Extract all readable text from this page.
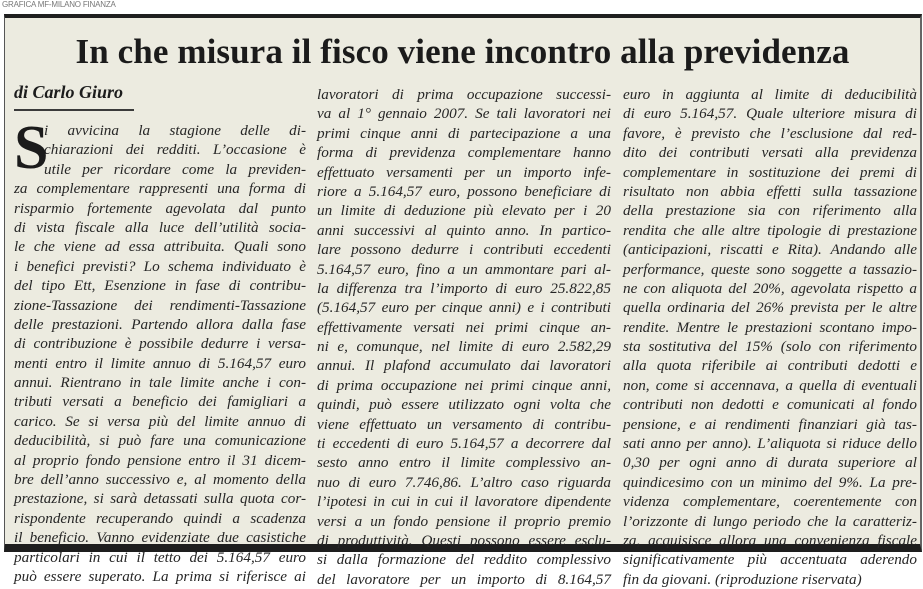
GRAFICA MF-MILANO FINANZA
In che misura il fisco viene incontro alla previdenza
di Carlo Giuro
S
i avvicina la stagione delle di-
chiarazioni dei redditi. L’occasione è
utile per ricordare come la previden-
za complementare rappresenti una forma di
risparmio fortemente agevolata dal punto
di vista fiscale alla luce dell’utilità socia-
le che viene ad essa attribuita. Quali sono
i benefici previsti? Lo schema individuato è
del tipo Ett, Esenzione in fase di contribu-
zione-Tassazione dei rendimenti-Tassazione
delle prestazioni. Partendo allora dalla fase
di contribuzione è possibile dedurre i versa-
menti entro il limite annuo di 5.164,57 euro
annui. Rientrano in tale limite anche i con-
tributi versati a beneficio dei famigliari a
carico. Se si versa più del limite annuo di
deducibilità, si può fare una comunicazione
al proprio fondo pensione entro il 31 dicem-
bre dell’anno successivo e, al momento della
prestazione, si sarà detassati sulla quota cor-
rispondente recuperando quindi a scadenza
il beneficio. Vanno evidenziate due casistiche
particolari in cui il tetto dei 5.164,57 euro
può essere superato. La prima si riferisce ai
lavoratori di prima occupazione successi-
va al 1° gennaio 2007. Se tali lavoratori nei
primi cinque anni di partecipazione a una
forma di previdenza complementare hanno
effettuato versamenti per un importo infe-
riore a 5.164,57 euro, possono beneficiare di
un limite di deduzione più elevato per i 20
anni successivi al quinto anno. In partico-
lare possono dedurre i contributi eccedenti
5.164,57 euro, fino a un ammontare pari al-
la differenza tra l’importo di euro 25.822,85
(5.164,57 euro per cinque anni) e i contributi
effettivamente versati nei primi cinque an-
ni e, comunque, nel limite di euro 2.582,29
annui. Il plafond accumulato dai lavoratori
di prima occupazione nei primi cinque anni,
quindi, può essere utilizzato ogni volta che
viene effettuato un versamento di contribu-
ti eccedenti di euro 5.164,57 a decorrere dal
sesto anno entro il limite complessivo an-
nuo di euro 7.746,86. L’altro caso riguarda
l’ipotesi in cui in cui il lavoratore dipendente
versi a un fondo pensione il proprio premio
di produttività. Questi possono essere esclu-
si dalla formazione del reddito complessivo
del lavoratore per un importo di 8.164,57
euro in aggiunta al limite di deducibilità
di euro 5.164,57. Quale ulteriore misura di
favore, è previsto che l’esclusione dal red-
dito dei contributi versati alla previdenza
complementare in sostituzione dei premi di
risultato non abbia effetti sulla tassazione
della prestazione sia con riferimento alla
rendita che alle altre tipologie di prestazione
(anticipazioni, riscatti e Rita). Andando alle
performance, queste sono soggette a tassazio-
ne con aliquota del 20%, agevolata rispetto a
quella ordinaria del 26% prevista per le altre
rendite. Mentre le prestazioni scontano impo-
sta sostitutiva del 15% (solo con riferimento
alla quota riferibile ai contributi dedotti e
non, come si accennava, a quella di eventuali
contributi non dedotti e comunicati al fondo
pensione, e ai rendimenti finanziari già tas-
sati anno per anno). L’aliquota si riduce dello
0,30 per ogni anno di durata superiore al
quindicesimo con un minimo del 9%. La pre-
videnza complementare, coerentemente con
l’orizzonte di lungo periodo che la caratteriz-
za, acquisisce allora una convenienza fiscale
significativamente più accentuata aderendo
fin da giovani. (riproduzione riservata)
